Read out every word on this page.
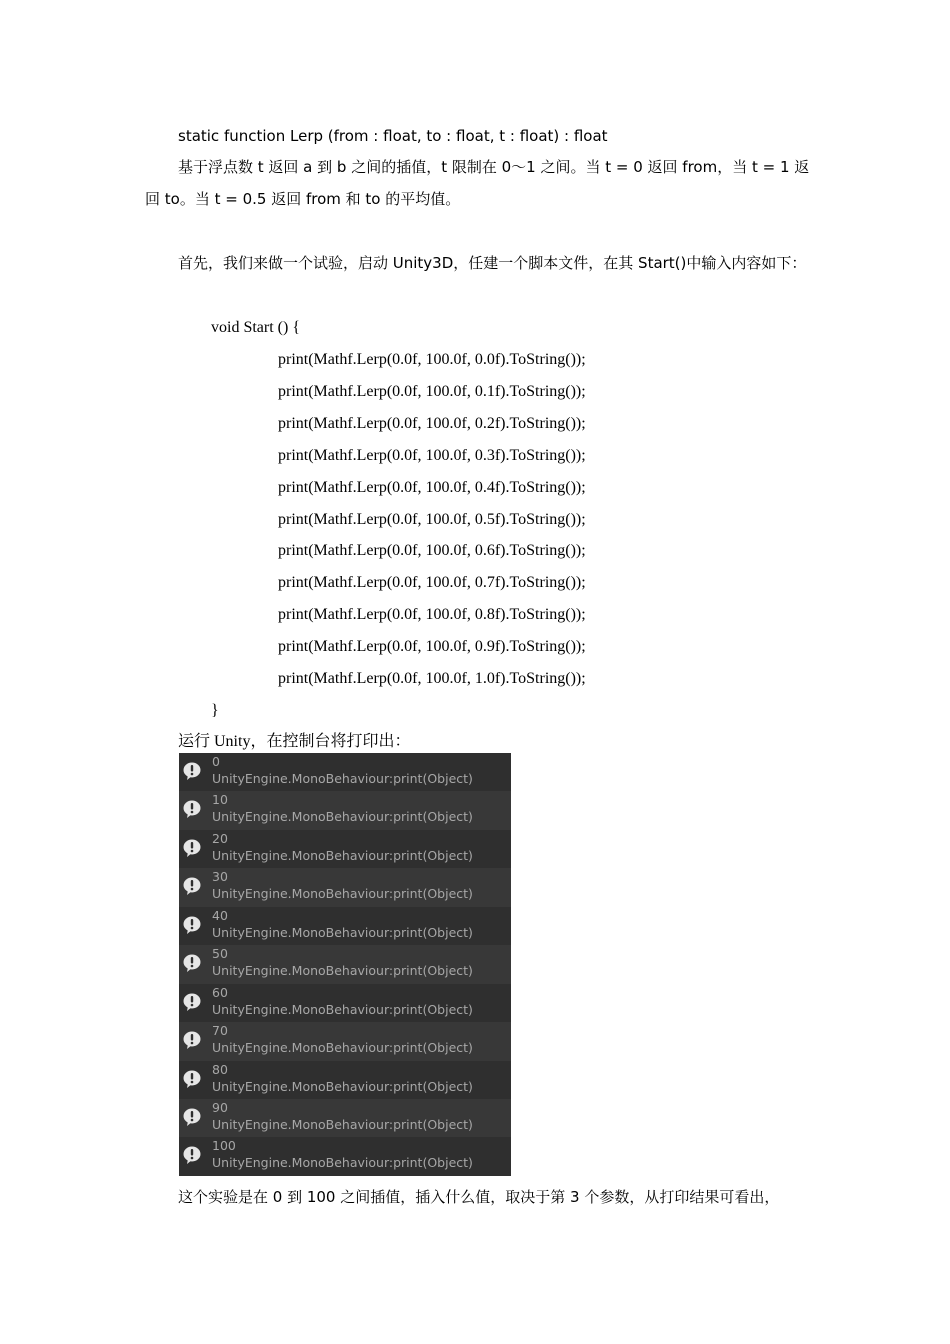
static function Lerp (from : float, to : float, t : float) : float
基于浮点数 t 返回 a 到 b 之间的插值，t 限制在 0～1 之间。当 t = 0 返回 from，当 t = 1 返回 to。当 t = 0.5 返回 from 和 to 的平均值。
首先，我们来做一个试验，启动 Unity3D，任建一个脚本文件，在其 Start()中输入内容如下：
void Start () {
print(Mathf.Lerp(0.0f, 100.0f, 0.0f).ToString());
print(Mathf.Lerp(0.0f, 100.0f, 0.1f).ToString());
print(Mathf.Lerp(0.0f, 100.0f, 0.2f).ToString());
print(Mathf.Lerp(0.0f, 100.0f, 0.3f).ToString());
print(Mathf.Lerp(0.0f, 100.0f, 0.4f).ToString());
print(Mathf.Lerp(0.0f, 100.0f, 0.5f).ToString());
print(Mathf.Lerp(0.0f, 100.0f, 0.6f).ToString());
print(Mathf.Lerp(0.0f, 100.0f, 0.7f).ToString());
print(Mathf.Lerp(0.0f, 100.0f, 0.8f).ToString());
print(Mathf.Lerp(0.0f, 100.0f, 0.9f).ToString());
print(Mathf.Lerp(0.0f, 100.0f, 1.0f).ToString());
}
运行 Unity，在控制台将打印出：
0
UnityEngine.MonoBehaviour:print(Object)
10
UnityEngine.MonoBehaviour:print(Object)
20
UnityEngine.MonoBehaviour:print(Object)
30
UnityEngine.MonoBehaviour:print(Object)
40
UnityEngine.MonoBehaviour:print(Object)
50
UnityEngine.MonoBehaviour:print(Object)
60
UnityEngine.MonoBehaviour:print(Object)
70
UnityEngine.MonoBehaviour:print(Object)
80
UnityEngine.MonoBehaviour:print(Object)
90
UnityEngine.MonoBehaviour:print(Object)
100
UnityEngine.MonoBehaviour:print(Object)
这个实验是在 0 到 100 之间插值，插入什么值，取决于第 3 个参数，从打印结果可看出，
